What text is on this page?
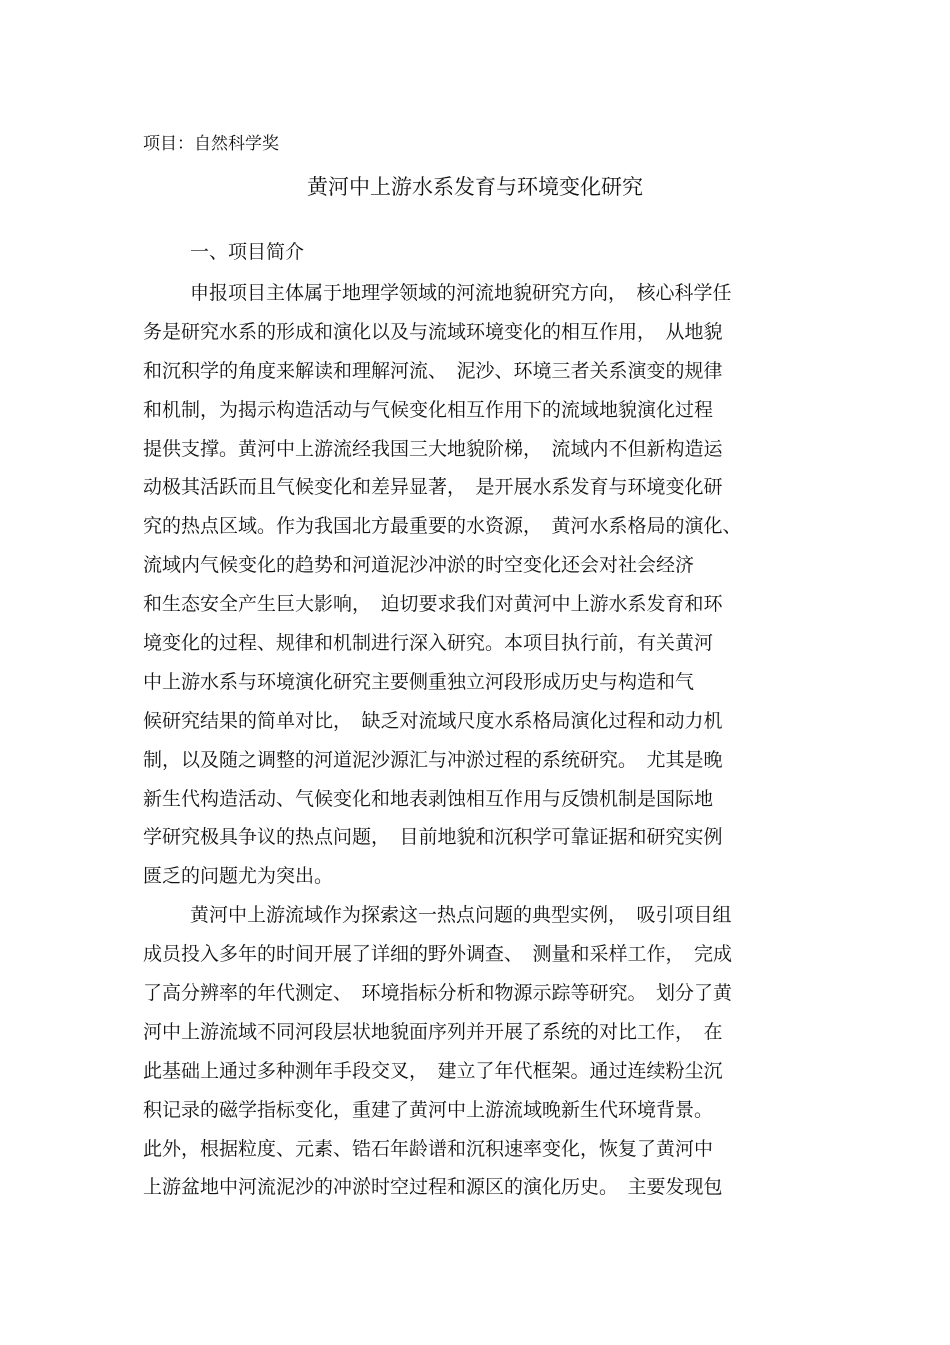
项目：自然科学奖
黄河中上游水系发育与环境变化研究
一、项目简介
申报项目主体属于地理学领域的河流地貌研究方向，　核心科学任
务是研究水系的形成和演化以及与流域环境变化的相互作用，　从地貌
和沉积学的角度来解读和理解河流、　泥沙、环境三者关系演变的规律
和机制，为揭示构造活动与气候变化相互作用下的流域地貌演化过程
提供支撑。黄河中上游流经我国三大地貌阶梯，　流域内不但新构造运
动极其活跃而且气候变化和差异显著，　是开展水系发育与环境变化研
究的热点区域。作为我国北方最重要的水资源，　黄河水系格局的演化、
流域内气候变化的趋势和河道泥沙冲淤的时空变化还会对社会经济
和生态安全产生巨大影响，　迫切要求我们对黄河中上游水系发育和环
境变化的过程、规律和机制进行深入研究。本项目执行前，有关黄河
中上游水系与环境演化研究主要侧重独立河段形成历史与构造和气
候研究结果的简单对比，　缺乏对流域尺度水系格局演化过程和动力机
制，以及随之调整的河道泥沙源汇与冲淤过程的系统研究。　尤其是晚
新生代构造活动、气候变化和地表剥蚀相互作用与反馈机制是国际地
学研究极具争议的热点问题，　目前地貌和沉积学可靠证据和研究实例
匮乏的问题尤为突出。
黄河中上游流域作为探索这一热点问题的典型实例，　吸引项目组
成员投入多年的时间开展了详细的野外调查、　测量和采样工作，　完成
了高分辨率的年代测定、　环境指标分析和物源示踪等研究。　划分了黄
河中上游流域不同河段层状地貌面序列并开展了系统的对比工作，　在
此基础上通过多种测年手段交叉，　建立了年代框架。通过连续粉尘沉
积记录的磁学指标变化，重建了黄河中上游流域晚新生代环境背景。
此外，根据粒度、元素、锆石年龄谱和沉积速率变化，恢复了黄河中
上游盆地中河流泥沙的冲淤时空过程和源区的演化历史。　主要发现包
